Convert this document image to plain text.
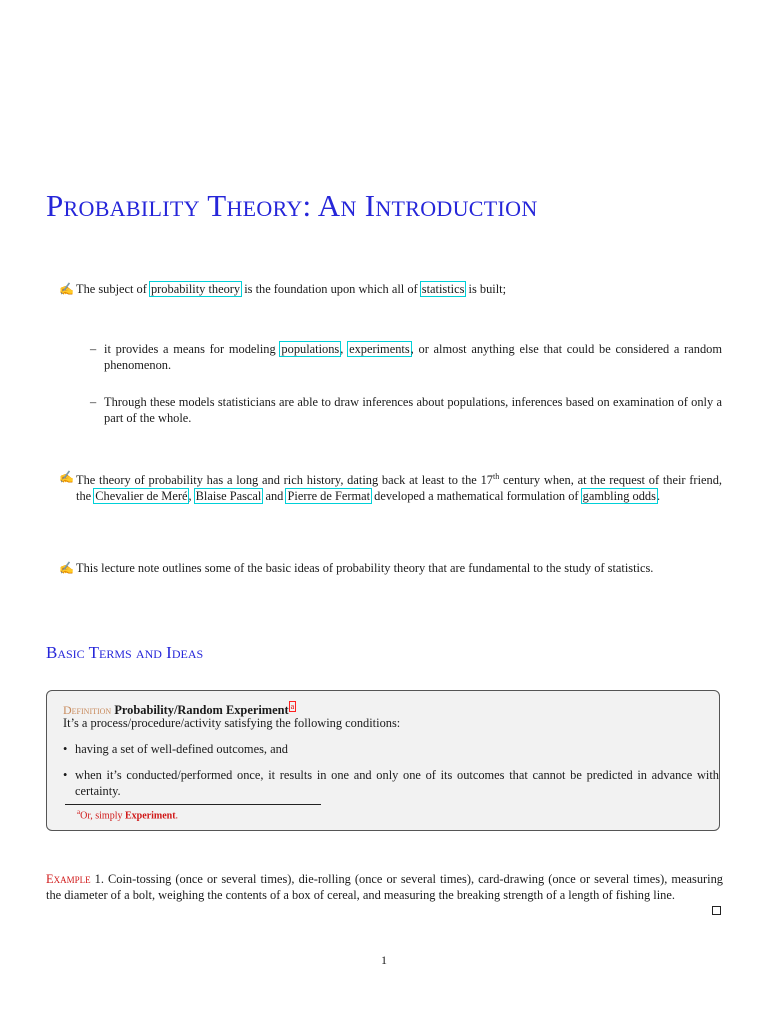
Probability Theory: An Introduction
✍ The subject of probability theory is the foundation upon which all of statistics is built;
– it provides a means for modeling populations, experiments, or almost anything else that could be considered a random phenomenon.
– Through these models statisticians are able to draw inferences about populations, inferences based on examination of only a part of the whole.
✍ The theory of probability has a long and rich history, dating back at least to the 17th century when, at the request of their friend, the Chevalier de Meré, Blaise Pascal and Pierre de Fermat developed a mathematical formulation of gambling odds.
✍ This lecture note outlines some of the basic ideas of probability theory that are fundamental to the study of statistics.
Basic Terms and Ideas
Definition Probability/Random Experiment $^a$
It’s a process/procedure/activity satisfying the following conditions:
• having a set of well-defined outcomes, and
• when it’s conducted/performed once, it results in one and only one of its outcomes that cannot be predicted in advance with certainty.
$^a$Or, simply Experiment.
Example 1. Coin-tossing (once or several times), die-rolling (once or several times), card-drawing (once or several times), measuring the diameter of a bolt, weighing the contents of a box of cereal, and measuring the breaking strength of a length of fishing line.
1
